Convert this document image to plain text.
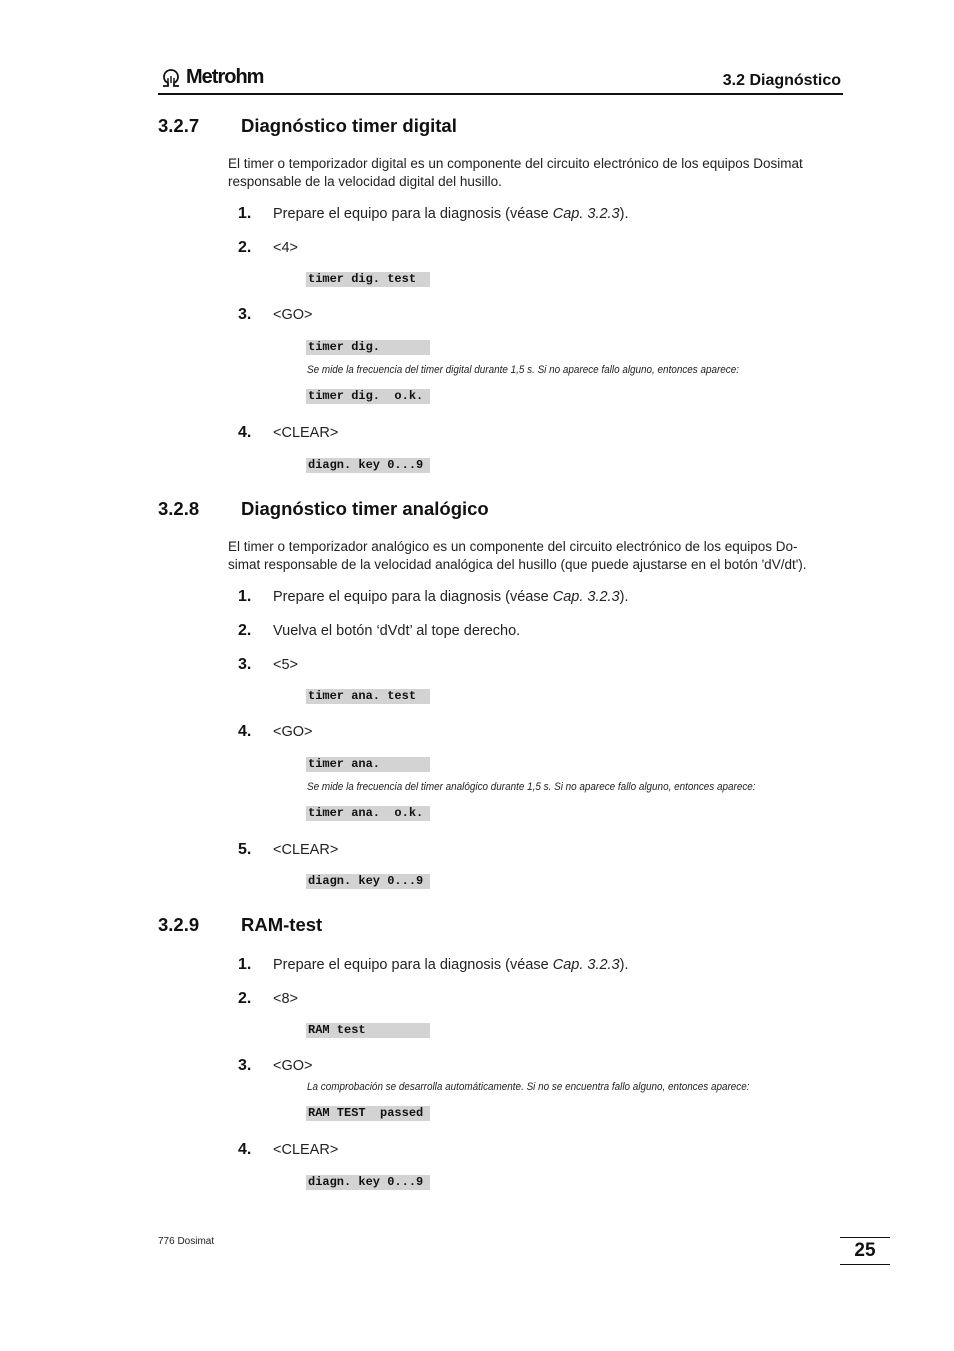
Metrohm	3.2 Diagnóstico
3.2.7 Diagnóstico timer digital
El timer o temporizador digital es un componente del circuito electrónico de los equipos Dosimat responsable de la velocidad digital del husillo.
1. Prepare el equipo para la diagnosis (véase Cap. 3.2.3).
2. <4>
timer dig. test
3. <GO>
timer dig.
Se mide la frecuencia del timer digital durante 1,5 s. Si no aparece fallo alguno, entonces aparece:
timer dig.  o.k.
4. <CLEAR>
diagn. key 0...9
3.2.8 Diagnóstico timer analógico
El timer o temporizador analógico es un componente del circuito electrónico de los equipos Do-
simat responsable de la velocidad analógica del husillo (que puede ajustarse en el botón 'dV/dt').
1. Prepare el equipo para la diagnosis (véase Cap. 3.2.3).
2. Vuelva el botón ‘dVdt’ al tope derecho.
3. <5>
timer ana. test
4. <GO>
timer ana.
Se mide la frecuencia del timer analógico durante 1,5 s. Si no aparece fallo alguno, entonces aparece:
timer ana.  o.k.
5. <CLEAR>
diagn. key 0...9
3.2.9 RAM-test
1. Prepare el equipo para la diagnosis (véase Cap. 3.2.3).
2. <8>
RAM test
3. <GO>
La comprobación se desarrolla automáticamente. Si no se encuentra fallo alguno, entonces aparece:
RAM TEST  passed
4. <CLEAR>
diagn. key 0...9
776 Dosimat	25
